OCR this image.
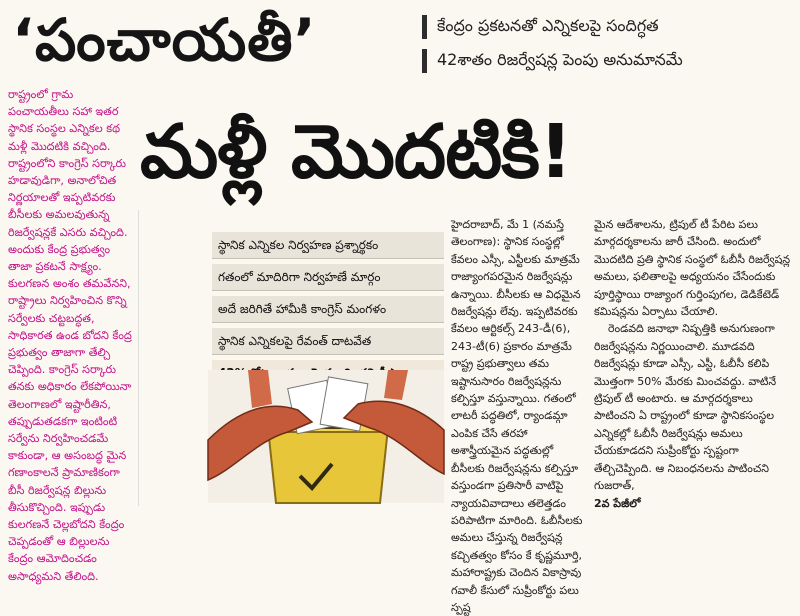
‘పంచాయతీ’	కేంద్రం ప్రకటనతో ఎన్నికలపై సందిగ్ధత
42శాతం రిజర్వేషన్ల పెంపు అనుమానమే
మళ్లీ మొదటికి!

రాష్ట్రంలో గ్రామ పంచాయతీలు సహా ఇతర స్థానిక సంస్థల ఎన్నికల కథ మళ్లీ మొదటికి వచ్చింది. రాష్ట్రంలోని కాంగ్రెస్ సర్కారు హడావుడిగా, అనాలోచిత నిర్ణయాలతో ఇప్పటివరకు బీసీలకు అమలవుతున్న రిజర్వేషన్లకే ఎసరు వచ్చింది. అందుకు కేంద్ర ప్రభుత్వం తాజా ప్రకటనే సాక్ష్యం. కులగణన అంశం తమవేనని, రాష్ట్రాలు నిర్వహించిన కొన్ని సర్వేలకు చట్టబద్ధత, సాధికారత ఉండ బోదని కేంద్ర ప్రభుత్వం తాజాగా తేల్చి చెప్పింది. కాంగ్రెస్ సర్కారు తనకు అధికారం లేకపోయినా తెలంగాణలో ఇష్టారీతిన, తప్పుడుతడకగా ఇంటింటి సర్వేను నిర్వహించడమే కాకుండా, ఆ అసంబద్ధ మైన గణాంకాలనే ప్రామాణికంగా బీసీ రిజర్వేషన్ల బిల్లును తీసుకొచ్చింది. ఇప్పుడు కులగణనే చెల్లబోదని కేంద్రం చెప్పడంతో ఆ బిల్లులను కేంద్రం ఆమోదించడం అసాధ్యమని తేలింది.

స్థానిక ఎన్నికల నిర్వహణ ప్రశ్నార్థకం
గతంలో మాదిరిగా నిర్వహణే మార్గం
అదే జరిగితే హామీకి కాంగ్రెస్ మంగళం
స్థానిక ఎన్నికలపై రేవంత్ దాటవేత

హైదరాబాద్, మే 1 (నమస్తే తెలంగాణ): స్థానిక సంస్థల్లో కేవలం ఎస్సీ, ఎస్టీలకు మాత్రమే రాజ్యాంగపరమైన రిజర్వేషన్లు ఉన్నాయి. బీసీలకు ఆ విధమైన రిజర్వేషన్లు లేవు. ఇప్పటివరకు కేవలం ఆర్టికల్స్ 243-డీ(6), 243-టీ(6) ప్రకారం మాత్రమే రాష్ట్ర ప్రభుత్వాలు తమ ఇష్టానుసారం రిజర్వేషన్లను కల్పిస్తూ వస్తున్నాయి. గతంలో లాటరీ పద్ధతిలో, ర్యాండమ్గా ఎంపిక చేసే తరహా అశాస్త్రీయమైన పద్ధతుల్లో బీసీలకు రిజర్వేషన్లను కల్పిస్తూ వస్తుండగా ప్రతిసారీ వాటిపై న్యాయవివాదాలు తలెత్తడం పరిపాటిగా మారింది. ఓబీసీలకు అమలు చేస్తున్న రిజర్వేషన్ల కచ్చితత్వం కోసం కే కృష్ణమూర్తి, మహారాష్ట్రకు చెందిన వికాస్రావు గవాలీ కేసులో సుప్రీంకోర్టు పలు స్పష్ట

మైన ఆదేశాలను, ట్రిపుల్ టీ పేరిట పలు మార్గదర్శకాలను జారీ చేసింది. అందులో మొదటిది ప్రతి స్థానిక సంస్థలో ఓబీసీ రిజర్వేషన్ల అమలు, ఫలితాలపై అధ్యయనం చేసేందుకు పూర్తిస్థాయి రాజ్యాంగ గుర్తింపుగల, డెడికేటెడ్ కమిషన్లను ఏర్పాటు చేయాలి.

రెండవది జనాభా నిష్పత్తికి అనుగుణంగా రిజర్వేషన్లను నిర్ణయించాలి. మూడవది రిజర్వేషన్లు కూడా ఎస్సీ, ఎస్టీ, ఓబీసీ కలిపి మొత్తంగా 50% మేరకు మించవద్దు. వాటినే ట్రిపుల్ టీ అంటారు. ఆ మార్గదర్శకాలు పాటించని ఏ రాష్ట్రంలో కూడా స్థానికసంస్థల ఎన్నికల్లో ఓబీసీ రిజర్వేషన్లు అమలు చేయకూడదని సుప్రీంకోర్టు స్పష్టంగా తేల్చిచెప్పింది. ఆ నిబంధనలను పాటించని గుజరాత్,

2వ పేజీలో
